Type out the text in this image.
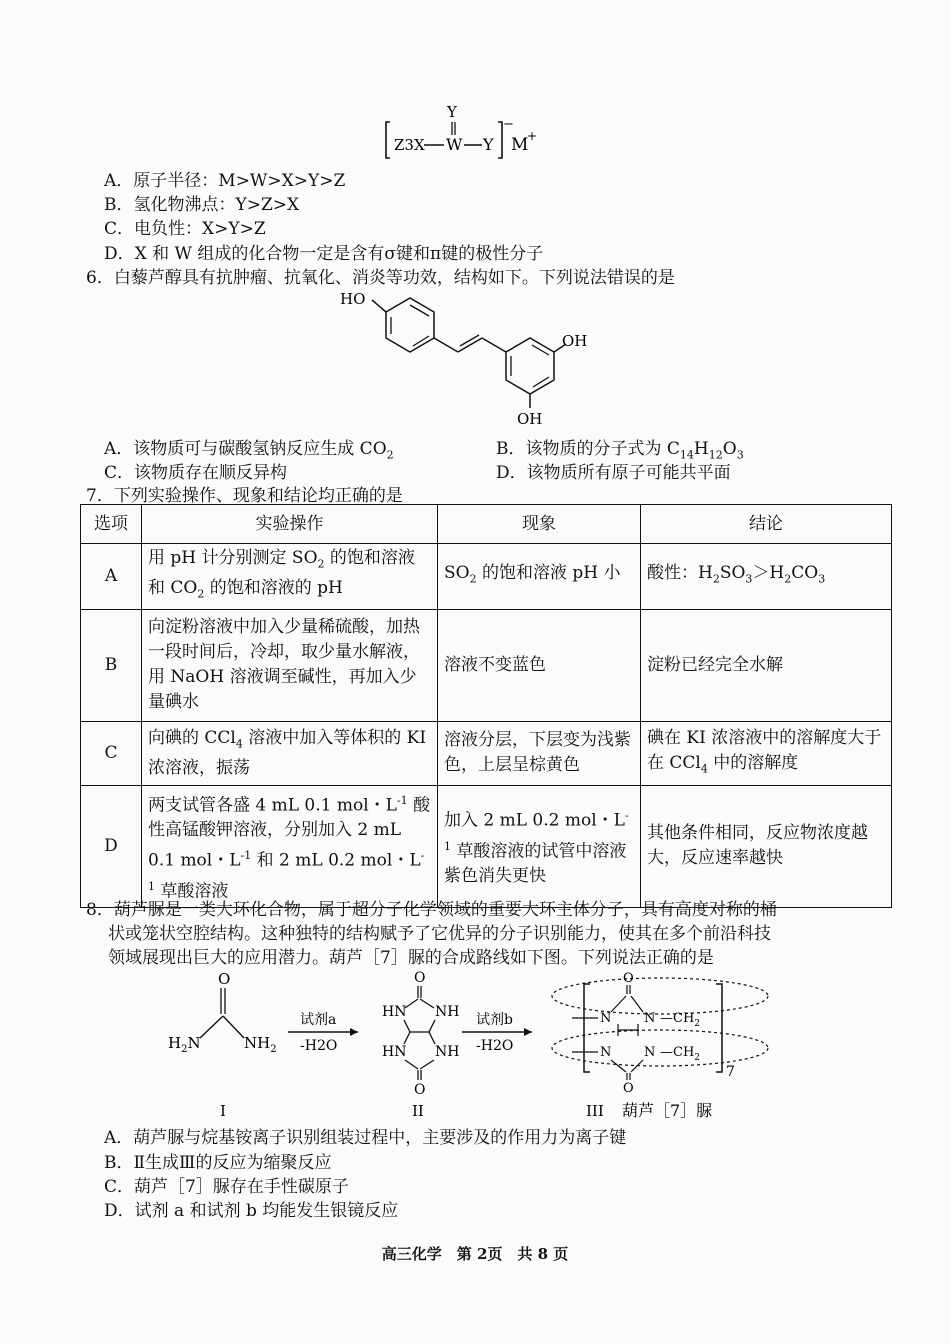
Z3X W
Y
Y
−
M
+
A．原子半径：M>W>X>Y>Z
B．氢化物沸点：Y>Z>X
C．电负性：X>Y>Z
D．X 和 W 组成的化合物一定是含有σ键和π键的极性分子
6．白藜芦醇具有抗肿瘤、抗氧化、消炎等功效，结构如下。下列说法错误的是
HO
OH
OH
A．该物质可与碳酸氢钠反应生成 $CO_2$	B．该物质的分子式为 $C_{14}H_{12}O_3$
C．该物质存在顺反异构	D．该物质所有原子可能共平面
7．下列实验操作、现象和结论均正确的是
选项	实验操作	现象	结论
A	用 pH 计分别测定 $SO_2$ 的饱和溶液和 $CO_2$ 的饱和溶液的 pH	$SO_2$ 的饱和溶液 pH 小	酸性：$H_2SO_3>H_2CO_3$
B	向淀粉溶液中加入少量稀硫酸，加热一段时间后，冷却，取少量水解液，用 NaOH 溶液调至碱性，再加入少量碘水	溶液不变蓝色	淀粉已经完全水解
C	向碘的 CCl$_4$ 溶液中加入等体积的 KI 浓溶液，振荡	溶液分层，下层变为浅紫色，上层呈棕黄色	碘在 KI 浓溶液中的溶解度大于在 CCl$_4$ 中的溶解度
D	两支试管各盛 4 mL 0.1 mol・$L^{-1}$ 酸性高锰酸钾溶液，分别加入 2 mL 0.1 mol・$L^{-1}$ 和 2 mL 0.2 mol・$L^{-1}$ 草酸溶液	加入 2 mL 0.2 mol・$L^{-1}$ 草酸溶液的试管中溶液紫色消失更快	其他条件相同，反应物浓度越大，反应速率越快
8．葫芦脲是一类大环化合物，属于超分子化学领域的重要大环主体分子，具有高度对称的桶
状或笼状空腔结构。这种独特的结构赋予了它优异的分子识别能力，使其在多个前沿科技
领域展现出巨大的应用潜力。葫芦［7］脲的合成路线如下图。下列说法正确的是
O
$H_2N$	$NH_2$
试剂a
-H2O
O
HN NH
HN NH
O
试剂b
-H2O
O
N	N $—CH_2$
N	N $—CH_2$
O
7
I	II	III 葫芦［7］脲
A．葫芦脲与烷基铵离子识别组装过程中，主要涉及的作用力为离子键
B．Ⅱ生成Ⅲ的反应为缩聚反应
C．葫芦［7］脲存在手性碳原子
D．试剂 a 和试剂 b 均能发生银镜反应
高三化学　第 2页　共 8 页
